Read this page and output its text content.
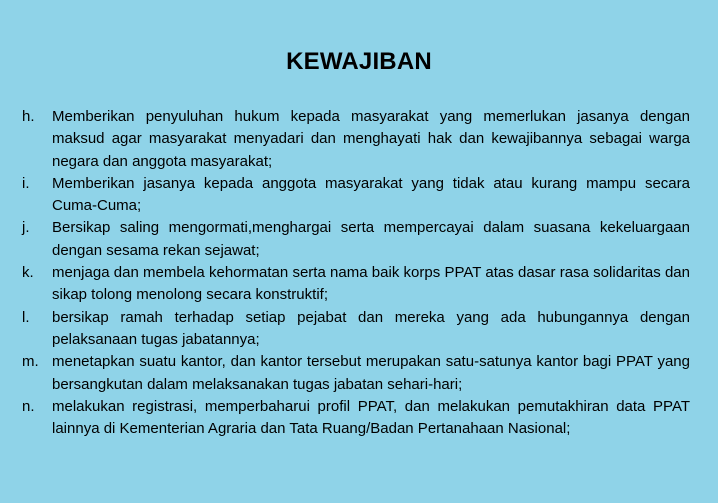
KEWAJIBAN
h.	Memberikan penyuluhan hukum kepada masyarakat yang memerlukan jasanya dengan maksud agar masyarakat menyadari dan menghayati hak dan kewajibannya sebagai warga negara dan anggota masyarakat;
i.	Memberikan jasanya kepada anggota masyarakat yang tidak atau kurang mampu secara Cuma-Cuma;
j.	Bersikap saling mengormati,menghargai serta mempercayai dalam suasana kekeluargaan dengan sesama rekan sejawat;
k.	menjaga dan membela kehormatan serta nama baik korps PPAT atas dasar rasa solidaritas dan sikap tolong menolong secara konstruktif;
l.	bersikap ramah terhadap setiap pejabat dan mereka yang ada hubungannya dengan pelaksanaan tugas jabatannya;
m. menetapkan suatu kantor, dan kantor tersebut merupakan satu-satunya kantor bagi PPAT yang bersangkutan dalam melaksanakan tugas jabatan sehari-hari;
n.	melakukan registrasi, memperbaharui profil PPAT, dan melakukan pemutakhiran data PPAT lainnya di Kementerian Agraria dan Tata Ruang/Badan Pertanahaan Nasional;
